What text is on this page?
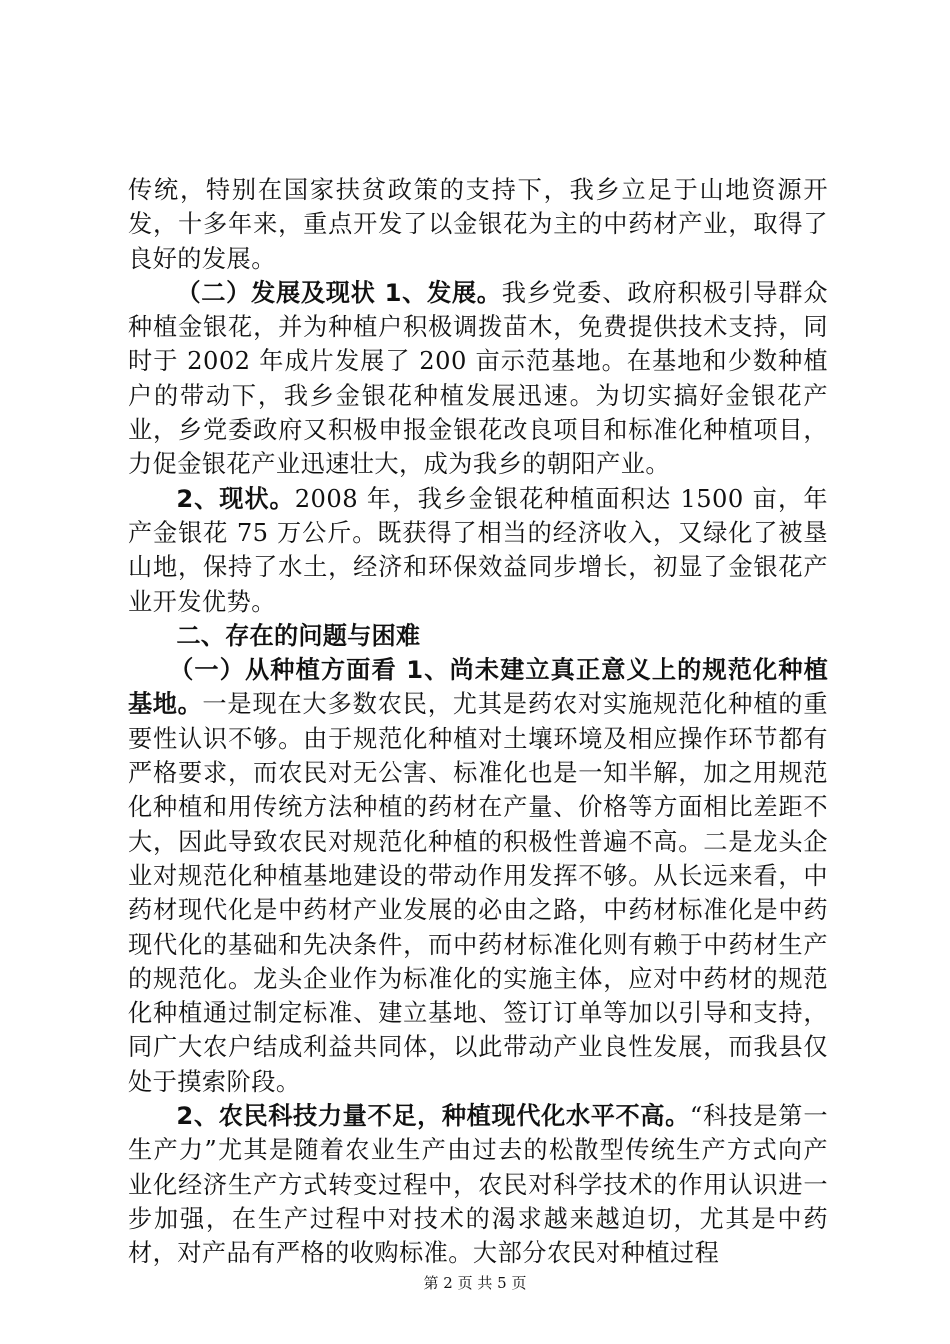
传统，特别在国家扶贫政策的支持下，我乡立足于山地资源开发，十多年来，重点开发了以金银花为主的中药材产业，取得了良好的发展。

（二）发展及现状 1、发展。我乡党委、政府积极引导群众种植金银花，并为种植户积极调拨苗木，免费提供技术支持，同时于 2002 年成片发展了 200 亩示范基地。在基地和少数种植户的带动下，我乡金银花种植发展迅速。为切实搞好金银花产业，乡党委政府又积极申报金银花改良项目和标准化种植项目，力促金银花产业迅速壮大，成为我乡的朝阳产业。

2、现状。2008 年，我乡金银花种植面积达 1500 亩，年产金银花 75 万公斤。既获得了相当的经济收入，又绿化了被垦山地，保持了水土，经济和环保效益同步增长，初显了金银花产业开发优势。

二、存在的问题与困难

（一）从种植方面看 1、尚未建立真正意义上的规范化种植基地。一是现在大多数农民，尤其是药农对实施规范化种植的重要性认识不够。由于规范化种植对土壤环境及相应操作环节都有严格要求，而农民对无公害、标准化也是一知半解，加之用规范化种植和用传统方法种植的药材在产量、价格等方面相比差距不大，因此导致农民对规范化种植的积极性普遍不高。二是龙头企业对规范化种植基地建设的带动作用发挥不够。从长远来看，中药材现代化是中药材产业发展的必由之路，中药材标准化是中药现代化的基础和先决条件，而中药材标准化则有赖于中药材生产的规范化。龙头企业作为标准化的实施主体，应对中药材的规范化种植通过制定标准、建立基地、签订订单等加以引导和支持，同广大农户结成利益共同体，以此带动产业良性发展，而我县仅处于摸索阶段。

2、农民科技力量不足，种植现代化水平不高。“科技是第一生产力”尤其是随着农业生产由过去的松散型传统生产方式向产业化经济生产方式转变过程中，农民对科学技术的作用认识进一步加强，在生产过程中对技术的渴求越来越迫切，尤其是中药材，对产品有严格的收购标准。大部分农民对种植过程

第 2 页 共 5 页
